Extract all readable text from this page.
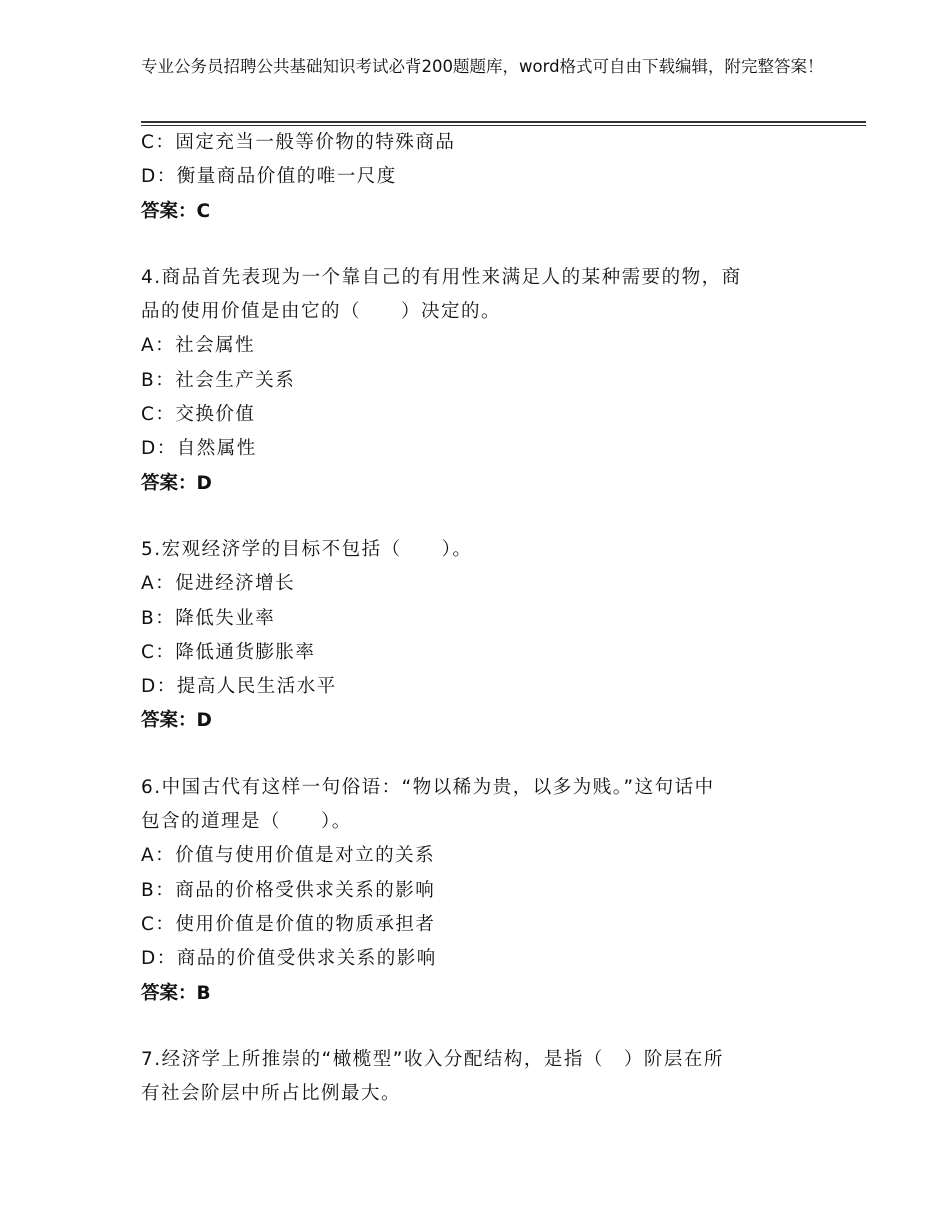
专业公务员招聘公共基础知识考试必背200题题库，word格式可自由下载编辑，附完整答案！
C：固定充当一般等价物的特殊商品
D：衡量商品价值的唯一尺度
答案：C
4.商品首先表现为一个靠自己的有用性来满足人的某种需要的物，商
品的使用价值是由它的（　　）决定的。
A：社会属性
B：社会生产关系
C：交换价值
D：自然属性
答案：D
5.宏观经济学的目标不包括（　　）。
A：促进经济增长
B：降低失业率
C：降低通货膨胀率
D：提高人民生活水平
答案：D
6.中国古代有这样一句俗语：“物以稀为贵，以多为贱。”这句话中
包含的道理是（　　）。
A：价值与使用价值是对立的关系
B：商品的价格受供求关系的影响
C：使用价值是价值的物质承担者
D：商品的价值受供求关系的影响
答案：B
7.经济学上所推崇的“橄榄型”收入分配结构，是指（　）阶层在所
有社会阶层中所占比例最大。
